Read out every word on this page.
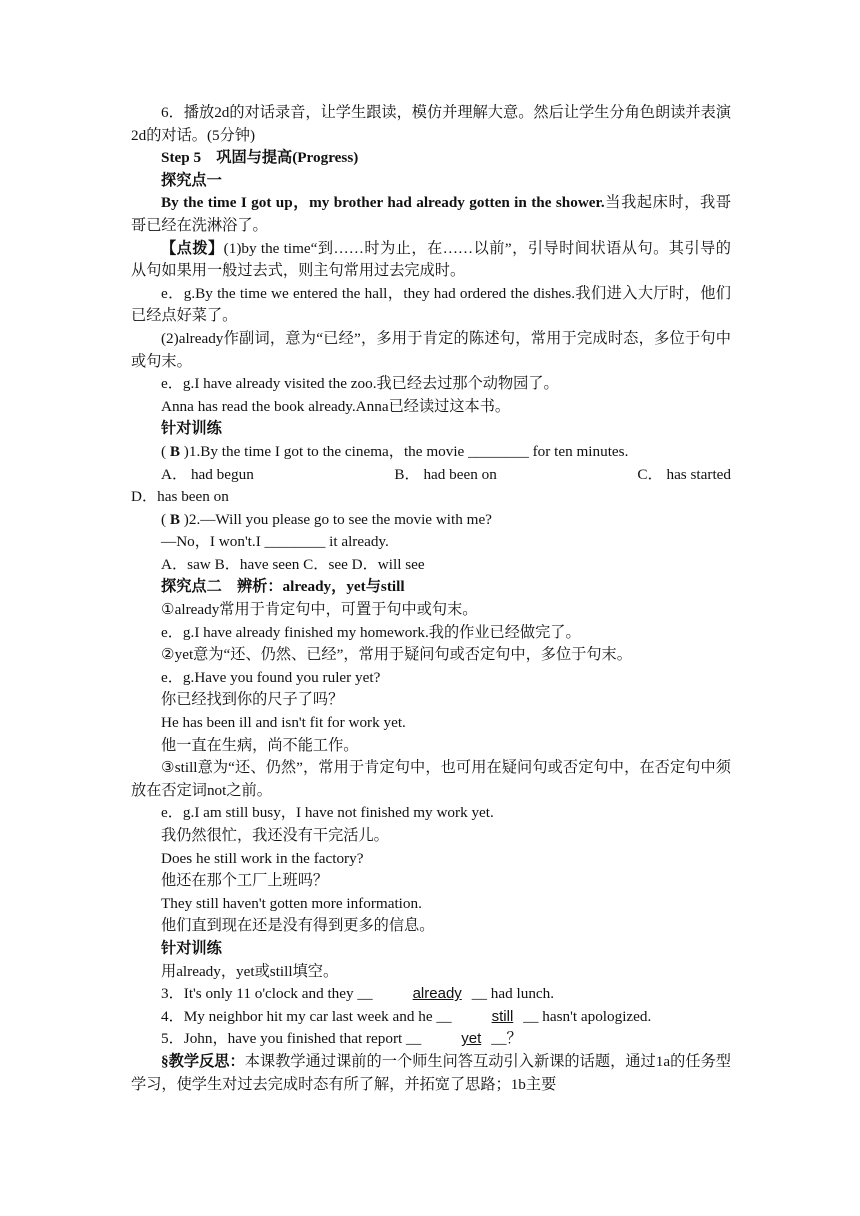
6．播放2d的对话录音，让学生跟读，模仿并理解大意。然后让学生分角色朗读并表演2d的对话。(5分钟)

Step 5　巩固与提高(Progress)

探究点一

By the time I got up，my brother had already gotten in the shower.当我起床时，我哥哥已经在洗淋浴了。

【点拨】(1)by the time“到……时为止，在……以前”，引导时间状语从句。其引导的从句如果用一般过去式，则主句常用过去完成时。

e．g.By the time we entered the hall，they had ordered the dishes.我们进入大厅时，他们已经点好菜了。

(2)already作副词，意为“已经”，多用于肯定的陈述句，常用于完成时态，多位于句中或句末。

e．g.I have already visited the zoo.我已经去过那个动物园了。

Anna has read the book already.Anna已经读过这本书。

针对训练

( B )1.By the time I got to the cinema，the movie ________ for ten minutes.

A． had begun	B． had been on	C． has started

D．has been on

( B )2.—Will you please go to see the movie with me?

—No，I won't.I ________ it already.

A．saw B．have seen C．see D．will see

探究点二　辨析：already，yet与still

①already常用于肯定句中，可置于句中或句末。

e．g.I have already finished my homework.我的作业已经做完了。

②yet意为“还、仍然、已经”，常用于疑问句或否定句中，多位于句末。

e．g.Have you found you ruler yet?

你已经找到你的尺子了吗？

He has been ill and isn't fit for work yet.

他一直在生病，尚不能工作。

③still意为“还、仍然”，常用于肯定句中，也可用在疑问句或否定句中，在否定句中须放在否定词not之前。

e．g.I am still busy，I have not finished my work yet.

我仍然很忙，我还没有干完活儿。

Does he still work in the factory?

他还在那个工厂上班吗？

They still haven't gotten more information.

他们直到现在还是没有得到更多的信息。

针对训练

用already，yet或still填空。

3．It's only 11 o'clock and they __	already __ had lunch.

4．My neighbor hit my car last week and he __	still __ hasn't apologized.

5．John，have you finished that report __	yet __？

§教学反思：本课教学通过课前的一个师生问答互动引入新课的话题，通过1a的任务型学习，使学生对过去完成时态有所了解，并拓宽了思路；1b主要
